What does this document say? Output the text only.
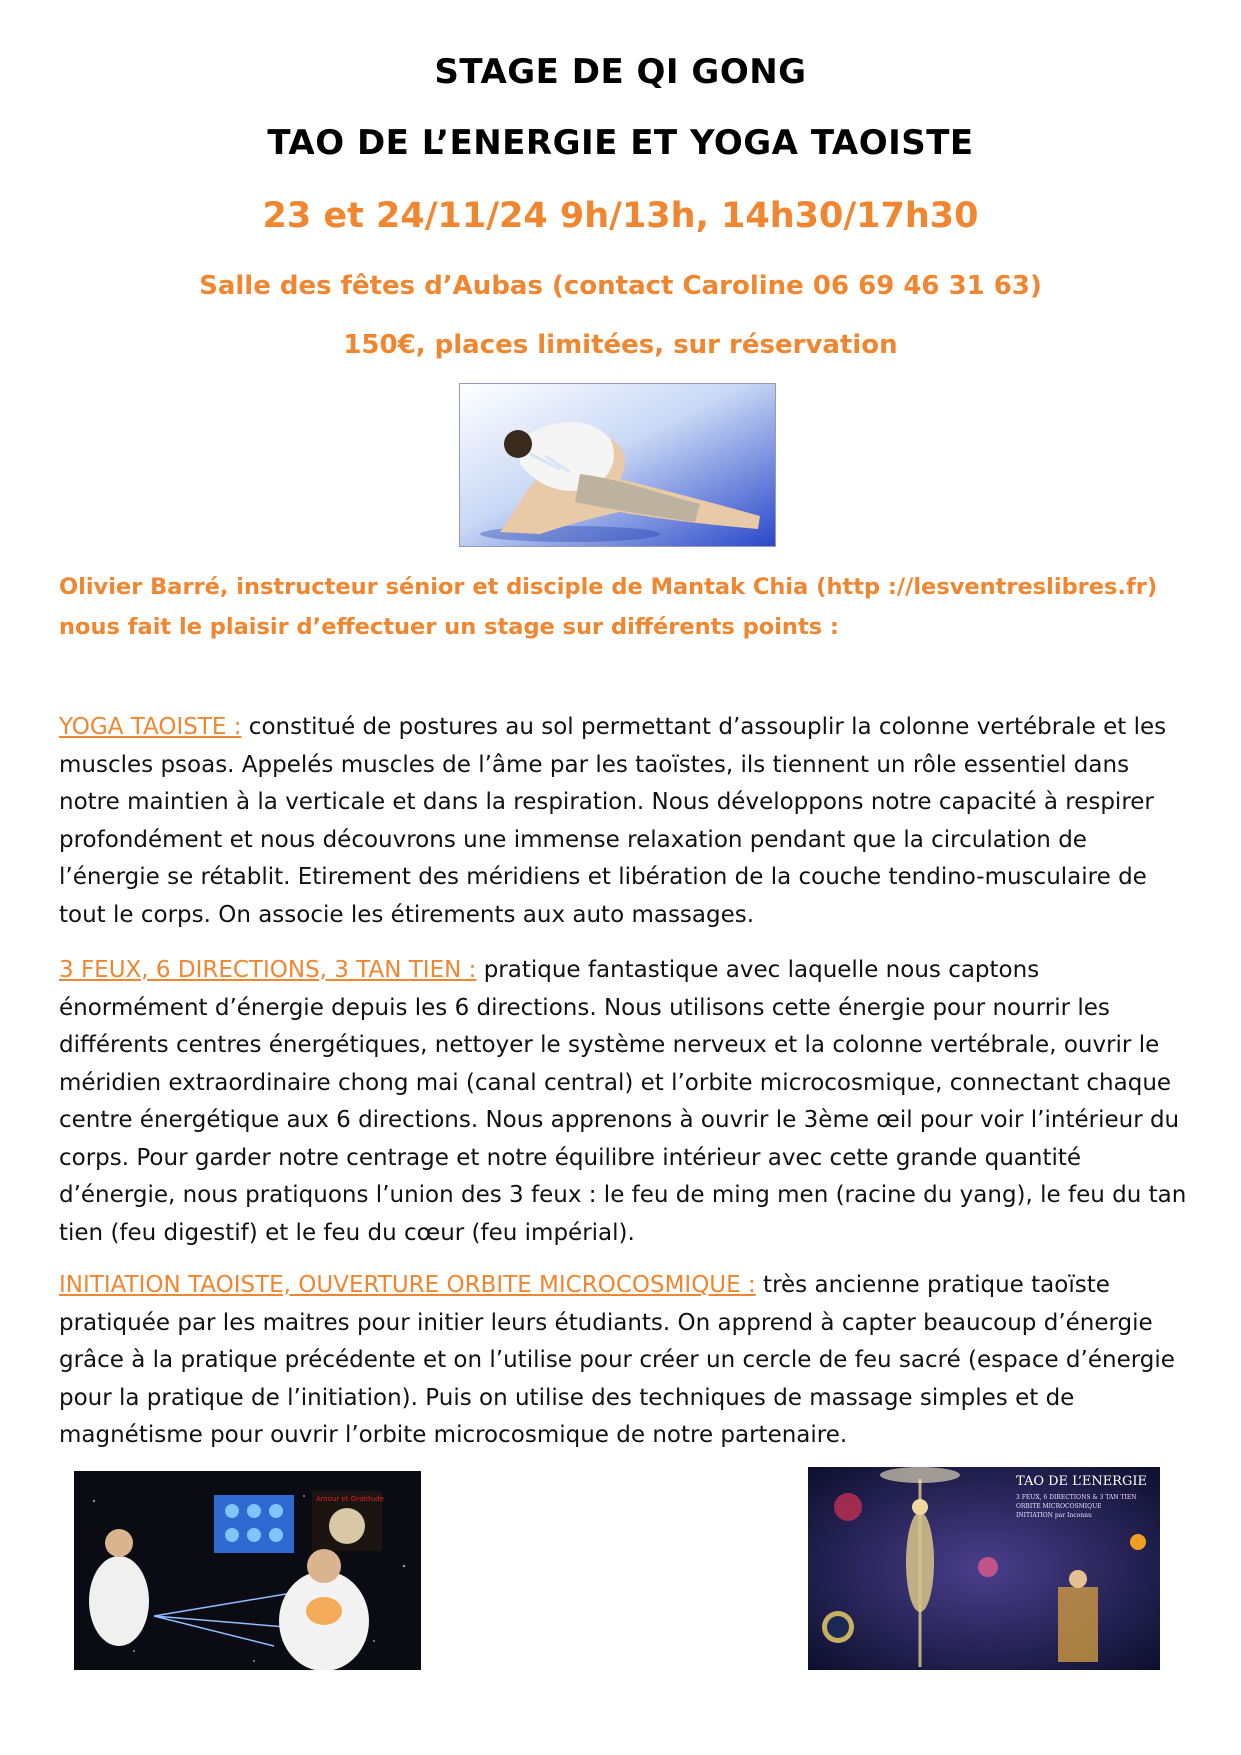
STAGE DE QI GONG
TAO DE L’ENERGIE ET YOGA TAOISTE
23 et 24/11/24 9h/13h, 14h30/17h30
Salle des fêtes d’Aubas (contact Caroline 06 69 46 31 63)
150€, places limitées, sur réservation
Olivier Barré, instructeur sénior et disciple de Mantak Chia (http ://lesventreslibres.fr)
nous fait le plaisir d’effectuer un stage sur différents points :
YOGA TAOISTE : constitué de postures au sol permettant d’assouplir la colonne vertébrale et les muscles psoas. Appelés muscles de l’âme par les taoïstes, ils tiennent un rôle essentiel dans notre maintien à la verticale et dans la respiration. Nous développons notre capacité à respirer profondément et nous découvrons une immense relaxation pendant que la circulation de l’énergie se rétablit. Etirement des méridiens et libération de la couche tendino-musculaire de tout le corps. On associe les étirements aux auto massages.
3 FEUX, 6 DIRECTIONS, 3 TAN TIEN : pratique fantastique avec laquelle nous captons énormément d’énergie depuis les 6 directions. Nous utilisons cette énergie pour nourrir les différents centres énergétiques, nettoyer le système nerveux et la colonne vertébrale, ouvrir le méridien extraordinaire chong mai (canal central) et l’orbite microcosmique, connectant chaque centre énergétique aux 6 directions. Nous apprenons à ouvrir le 3ème œil pour voir l’intérieur du corps. Pour garder notre centrage et notre équilibre intérieur avec cette grande quantité d’énergie, nous pratiquons l’union des 3 feux : le feu de ming men (racine du yang), le feu du tan tien (feu digestif) et le feu du cœur (feu impérial).
INITIATION TAOISTE, OUVERTURE ORBITE MICROCOSMIQUE : très ancienne pratique taoïste pratiquée par les maitres pour initier leurs étudiants. On apprend à capter beaucoup d’énergie grâce à la pratique précédente et on l’utilise pour créer un cercle de feu sacré (espace d’énergie pour la pratique de l’initiation). Puis on utilise des techniques de massage simples et de magnétisme pour ouvrir l’orbite microcosmique de notre partenaire.
Amour et Gratitude
TAO DE L’ENERGIE
3 FEUX, 6 DIRECTIONS & 3 TAN TIEN
ORBITE MICROCOSMIQUE
INITIATION par Inconnu
